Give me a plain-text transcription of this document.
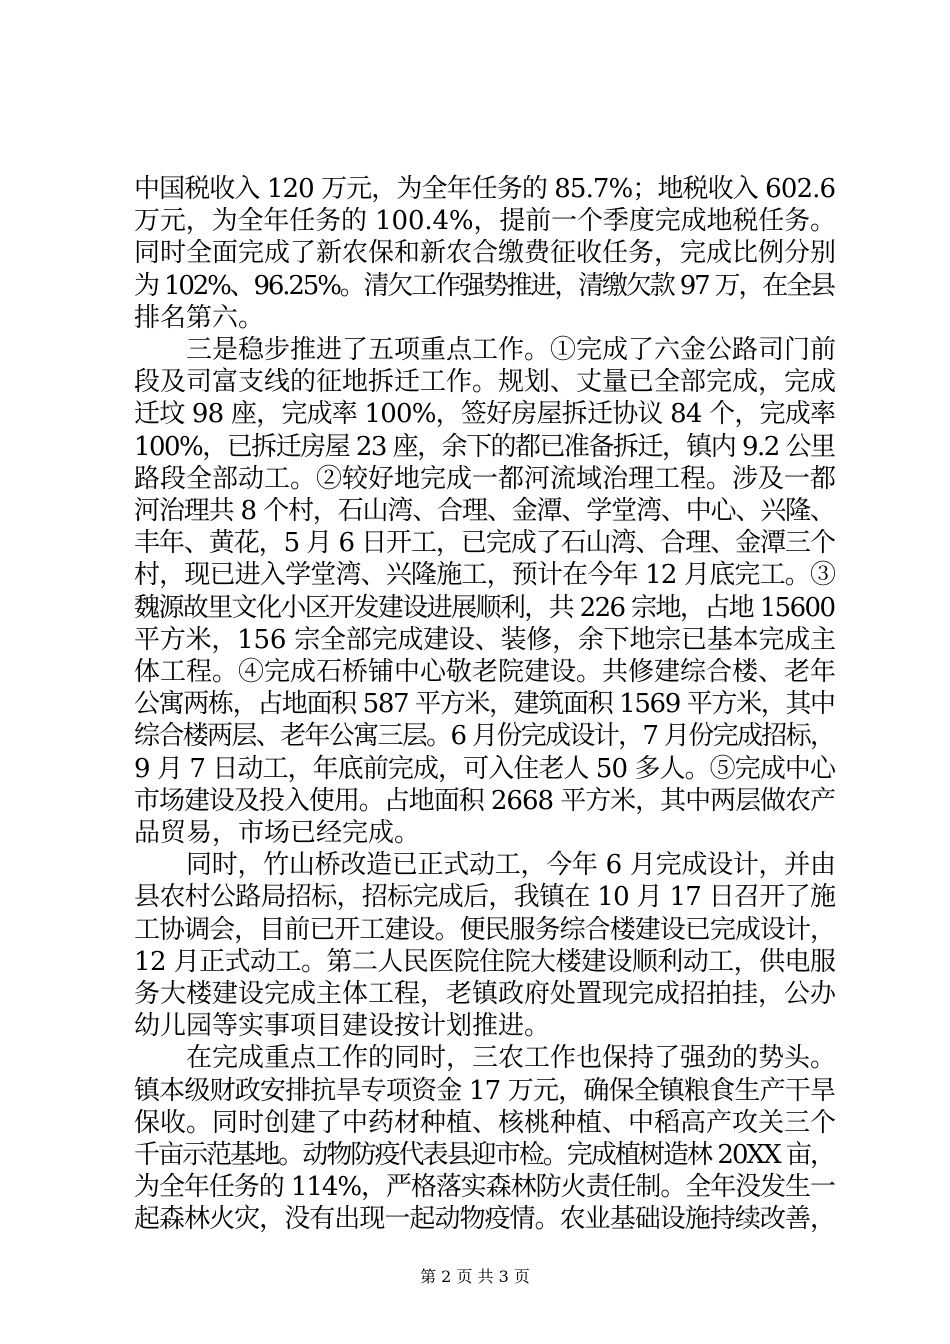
中国税收入 120 万元，为全年任务的 85.7%；地税收入 602.6
万元，为全年任务的 100.4%，提前一个季度完成地税任务。
同时全面完成了新农保和新农合缴费征收任务，完成比例分别
为 102%、96.25%。清欠工作强势推进，清缴欠款 97 万，在全县
排名第六。
三是稳步推进了五项重点工作。①完成了六金公路司门前
段及司富支线的征地拆迁工作。规划、丈量已全部完成，完成
迁坟 98 座，完成率 100%，签好房屋拆迁协议 84 个，完成率
100%，已拆迁房屋 23 座，余下的都已准备拆迁，镇内 9.2 公里
路段全部动工。②较好地完成一都河流域治理工程。涉及一都
河治理共 8 个村，石山湾、合理、金潭、学堂湾、中心、兴隆、
丰年、黄花，5 月 6 日开工，已完成了石山湾、合理、金潭三个
村，现已进入学堂湾、兴隆施工，预计在今年 12 月底完工。③
魏源故里文化小区开发建设进展顺利，共 226 宗地，占地 15600
平方米，156 宗全部完成建设、装修，余下地宗已基本完成主
体工程。④完成石桥铺中心敬老院建设。共修建综合楼、老年
公寓两栋，占地面积 587 平方米，建筑面积 1569 平方米，其中
综合楼两层、老年公寓三层。6 月份完成设计，7 月份完成招标，
9 月 7 日动工，年底前完成，可入住老人 50 多人。⑤完成中心
市场建设及投入使用。占地面积 2668 平方米，其中两层做农产
品贸易，市场已经完成。
同时，竹山桥改造已正式动工，今年 6 月完成设计，并由
县农村公路局招标，招标完成后，我镇在 10 月 17 日召开了施
工协调会，目前已开工建设。便民服务综合楼建设已完成设计，
12 月正式动工。第二人民医院住院大楼建设顺利动工，供电服
务大楼建设完成主体工程，老镇政府处置现完成招拍挂，公办
幼儿园等实事项目建设按计划推进。
在完成重点工作的同时，三农工作也保持了强劲的势头。
镇本级财政安排抗旱专项资金 17 万元，确保全镇粮食生产干旱
保收。同时创建了中药材种植、核桃种植、中稻高产攻关三个
千亩示范基地。动物防疫代表县迎市检。完成植树造林 20XX 亩，
为全年任务的 114%，严格落实森林防火责任制。全年没发生一
起森林火灾，没有出现一起动物疫情。农业基础设施持续改善，
第 2 页 共 3 页
